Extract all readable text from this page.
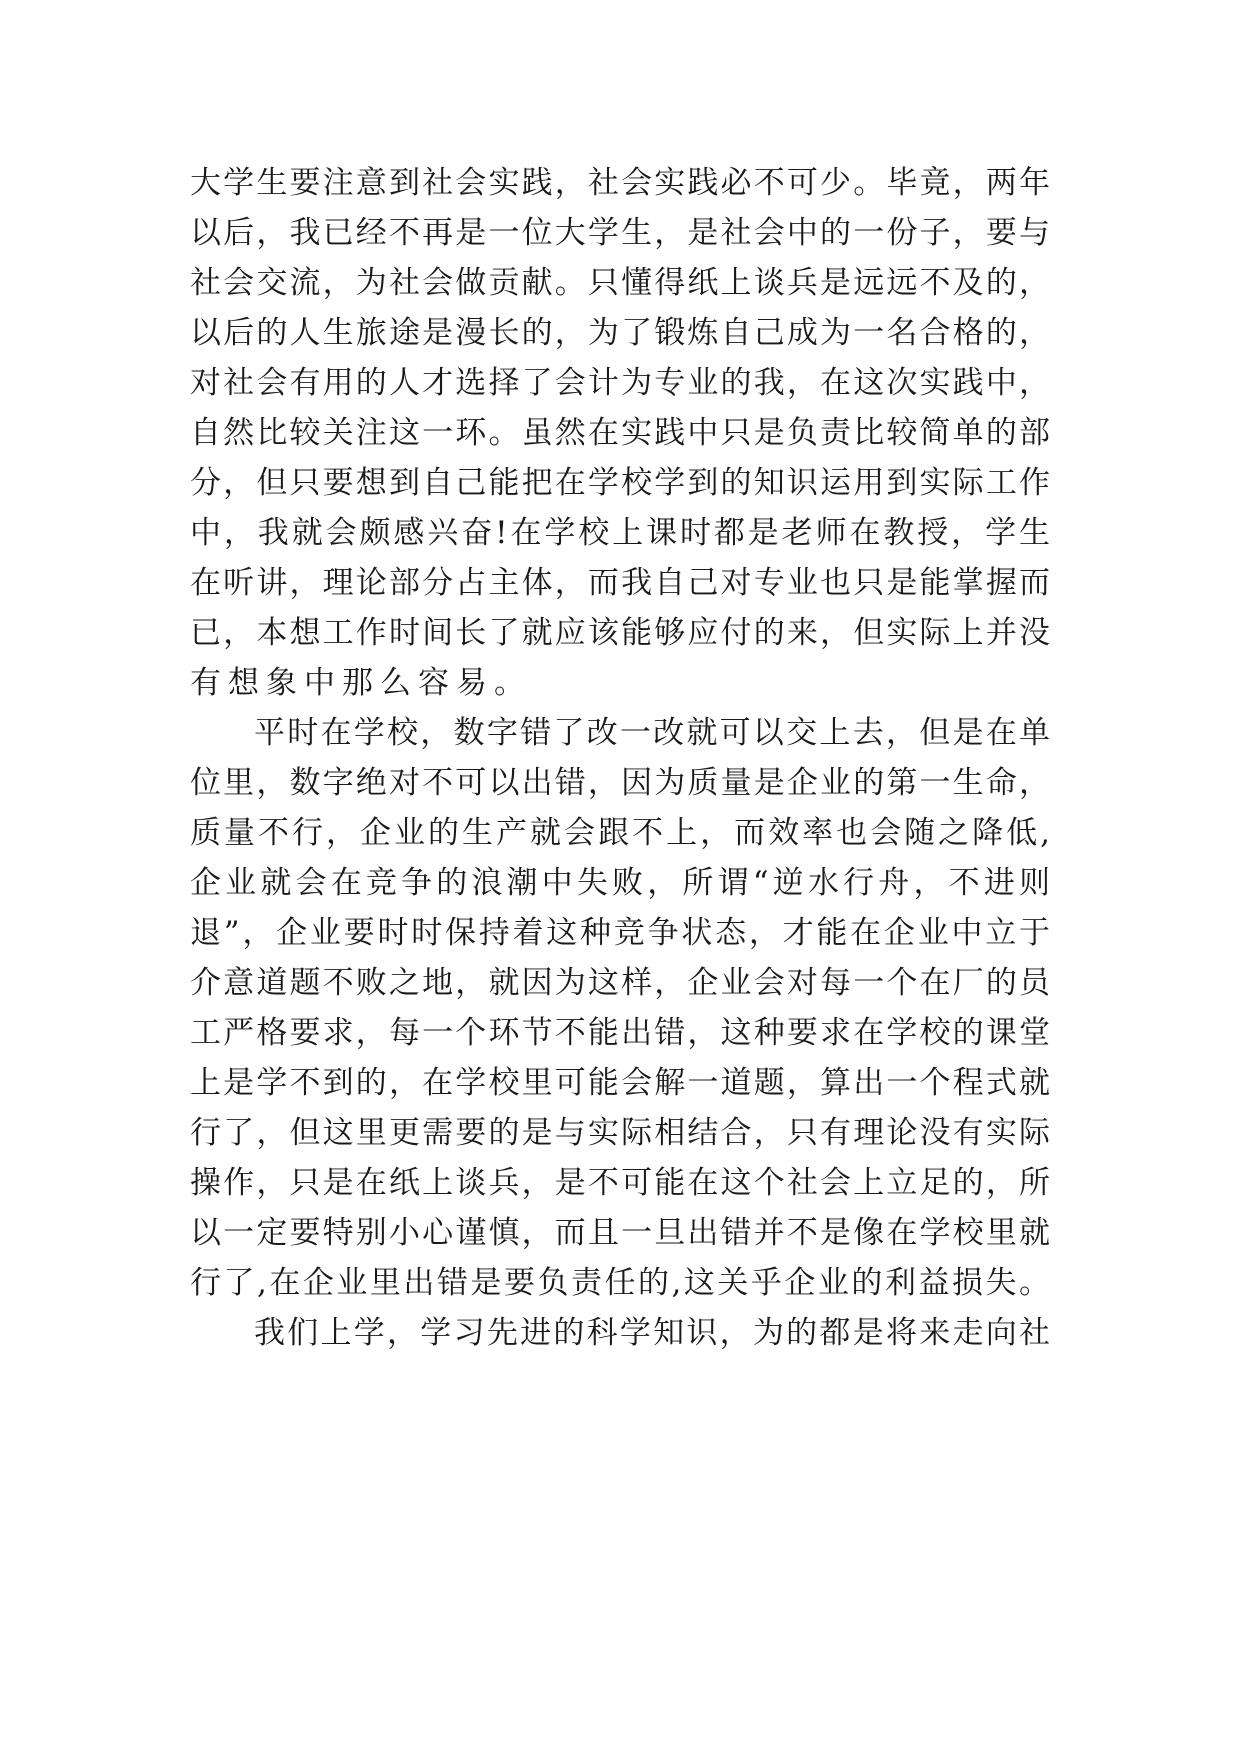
大学生要注意到社会实践，社会实践必不可少。毕竟，两年
以后，我已经不再是一位大学生，是社会中的一份子，要与
社会交流，为社会做贡献。只懂得纸上谈兵是远远不及的，
以后的人生旅途是漫长的，为了锻炼自己成为一名合格的，
对社会有用的人才选择了会计为专业的我，在这次实践中，
自然比较关注这一环。虽然在实践中只是负责比较简单的部
分，但只要想到自己能把在学校学到的知识运用到实际工作
中，我就会颇感兴奋!在学校上课时都是老师在教授，学生
在听讲，理论部分占主体，而我自己对专业也只是能掌握而
已，本想工作时间长了就应该能够应付的来，但实际上并没
有想象中那么容易。
平时在学校，数字错了改一改就可以交上去，但是在单
位里，数字绝对不可以出错，因为质量是企业的第一生命，
质量不行，企业的生产就会跟不上，而效率也会随之降低,
企业就会在竞争的浪潮中失败，所谓“逆水行舟，不进则
退”，企业要时时保持着这种竞争状态，才能在企业中立于
介意道题不败之地，就因为这样，企业会对每一个在厂的员
工严格要求，每一个环节不能出错，这种要求在学校的课堂
上是学不到的，在学校里可能会解一道题，算出一个程式就
行了，但这里更需要的是与实际相结合，只有理论没有实际
操作，只是在纸上谈兵，是不可能在这个社会上立足的，所
以一定要特别小心谨慎，而且一旦出错并不是像在学校里就
行了,在企业里出错是要负责任的,这关乎企业的利益损失。
我们上学，学习先进的科学知识，为的都是将来走向社
